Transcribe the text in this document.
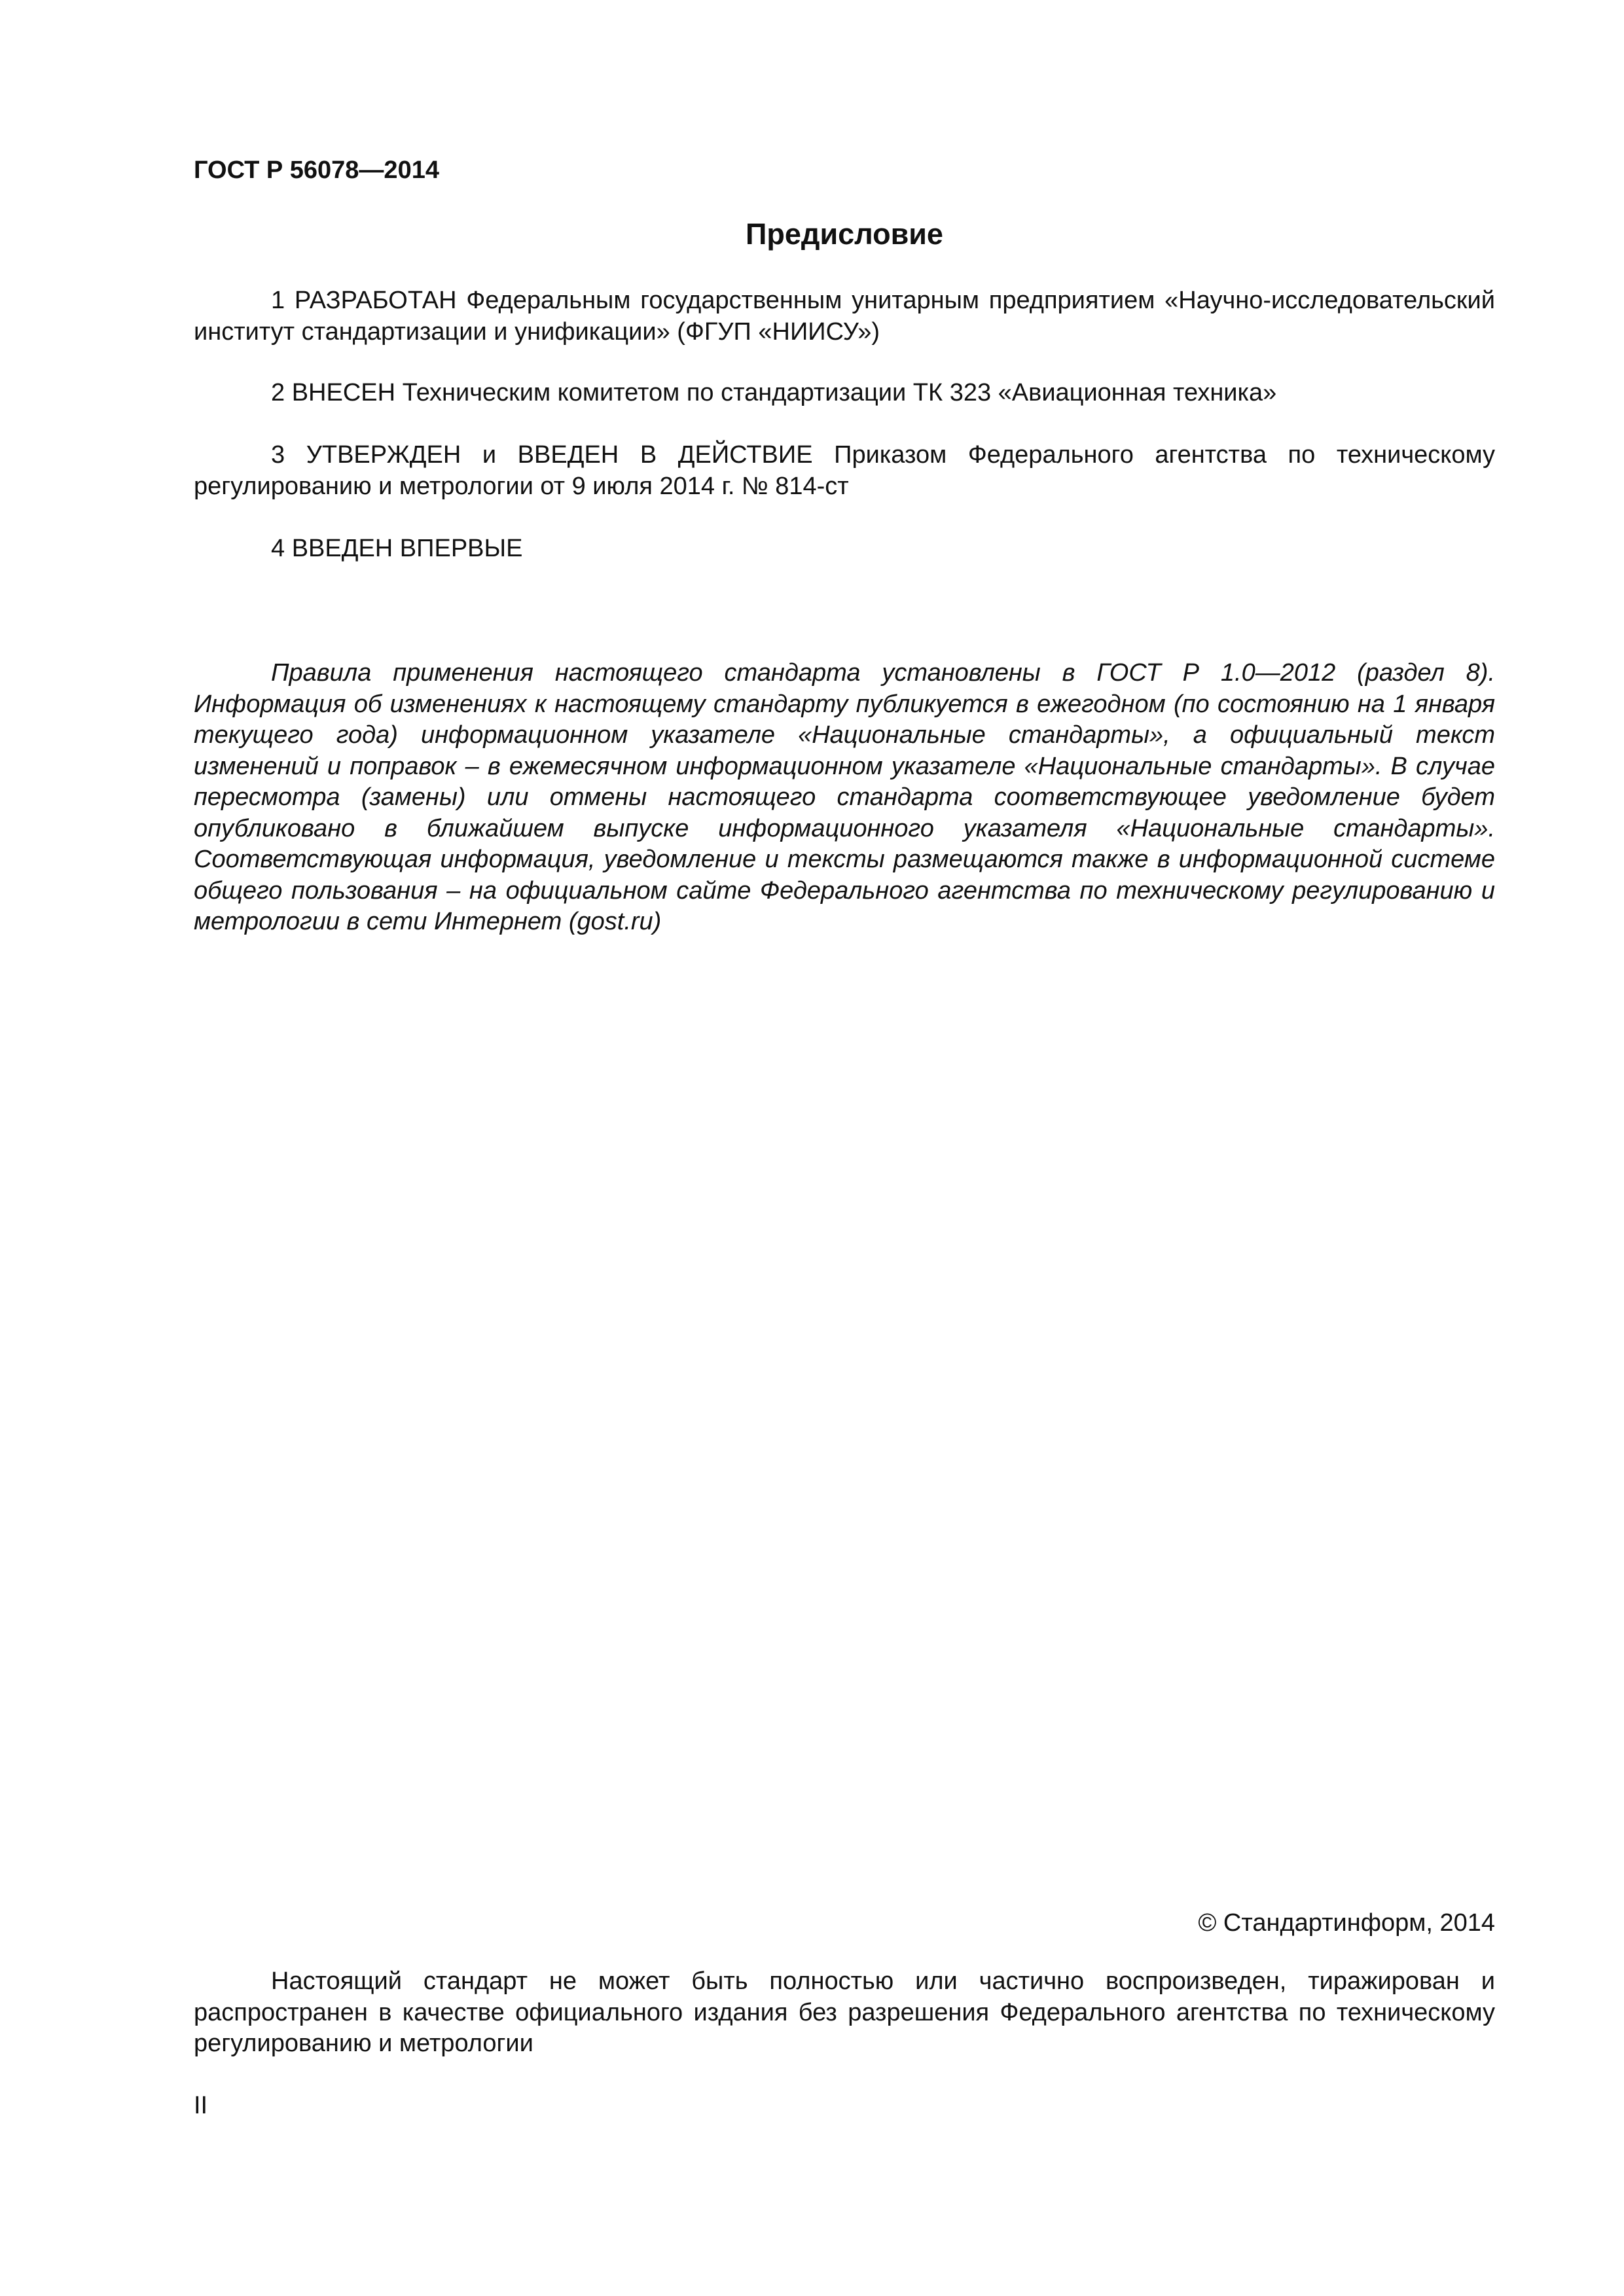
ГОСТ Р 56078—2014
Предисловие

1 РАЗРАБОТАН Федеральным государственным унитарным предприятием «Научно-исследовательский институт стандартизации и унификации» (ФГУП «НИИСУ»)

2 ВНЕСЕН Техническим комитетом по стандартизации ТК 323 «Авиационная техника»

3 УТВЕРЖДЕН и ВВЕДЕН В ДЕЙСТВИЕ Приказом Федерального агентства по техническому регулированию и метрологии от 9 июля 2014 г. № 814-ст

4 ВВЕДЕН ВПЕРВЫЕ

Правила применения настоящего стандарта установлены в ГОСТ Р 1.0—2012 (раздел 8). Информация об изменениях к настоящему стандарту публикуется в ежегодном (по состоянию на 1 января текущего года) информационном указателе «Национальные стандарты», а официальный текст изменений и поправок – в ежемесячном информационном указателе «Национальные стандарты». В случае пересмотра (замены) или отмены настоящего стандарта соответствующее уведомление будет опубликовано в ближайшем выпуске информационного указателя «Национальные стандарты». Соответствующая информация, уведомление и тексты размещаются также в информационной системе общего пользования – на официальном сайте Федерального агентства по техническому регулированию и метрологии в сети Интернет (gost.ru)

© Стандартинформ, 2014

Настоящий стандарт не может быть полностью или частично воспроизведен, тиражирован и распространен в качестве официального издания без разрешения Федерального агентства по техническому регулированию и метрологии

II
